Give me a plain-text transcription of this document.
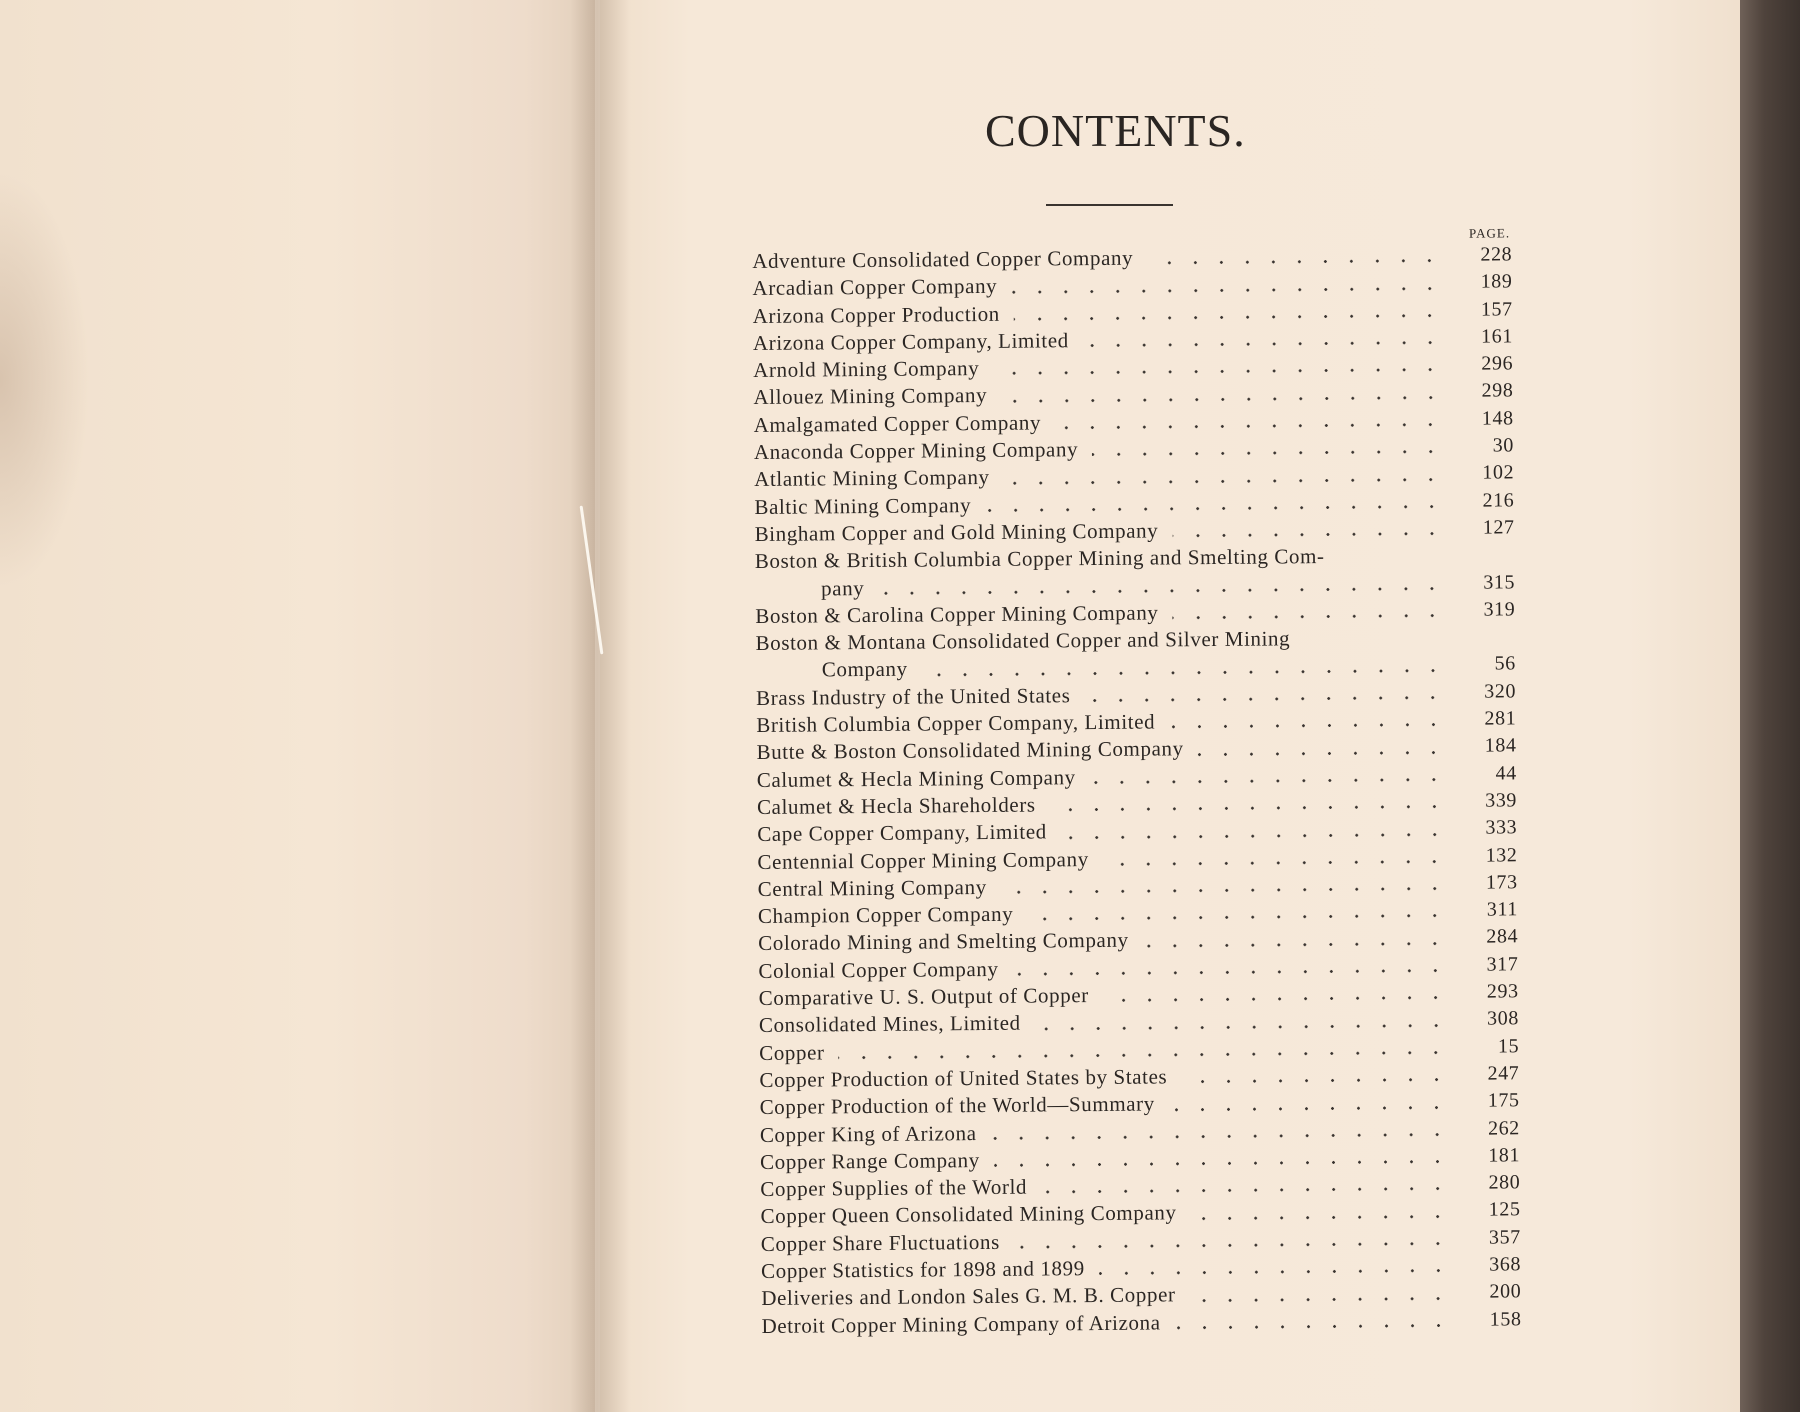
CONTENTS.
PAGE.
Adventure Consolidated Copper Company	228
Arcadian Copper Company	189
Arizona Copper Production	157
Arizona Copper Company, Limited	161
Arnold Mining Company	296
Allouez Mining Company	298
Amalgamated Copper Company	148
Anaconda Copper Mining Company	30
Atlantic Mining Company	102
Baltic Mining Company	216
Bingham Copper and Gold Mining Company	127
Boston & British Columbia Copper Mining and Smelting Com-
pany	315
Boston & Carolina Copper Mining Company	319
Boston & Montana Consolidated Copper and Silver Mining
Company	56
Brass Industry of the United States	320
British Columbia Copper Company, Limited	281
Butte & Boston Consolidated Mining Company	184
Calumet & Hecla Mining Company	44
Calumet & Hecla Shareholders	339
Cape Copper Company, Limited	333
Centennial Copper Mining Company	132
Central Mining Company	173
Champion Copper Company	311
Colorado Mining and Smelting Company	284
Colonial Copper Company	317
Comparative U. S. Output of Copper	293
Consolidated Mines, Limited	308
Copper	15
Copper Production of United States by States	247
Copper Production of the World—Summary	175
Copper King of Arizona	262
Copper Range Company	181
Copper Supplies of the World	280
Copper Queen Consolidated Mining Company	125
Copper Share Fluctuations	357
Copper Statistics for 1898 and 1899	368
Deliveries and London Sales G. M. B. Copper	200
Detroit Copper Mining Company of Arizona	158
